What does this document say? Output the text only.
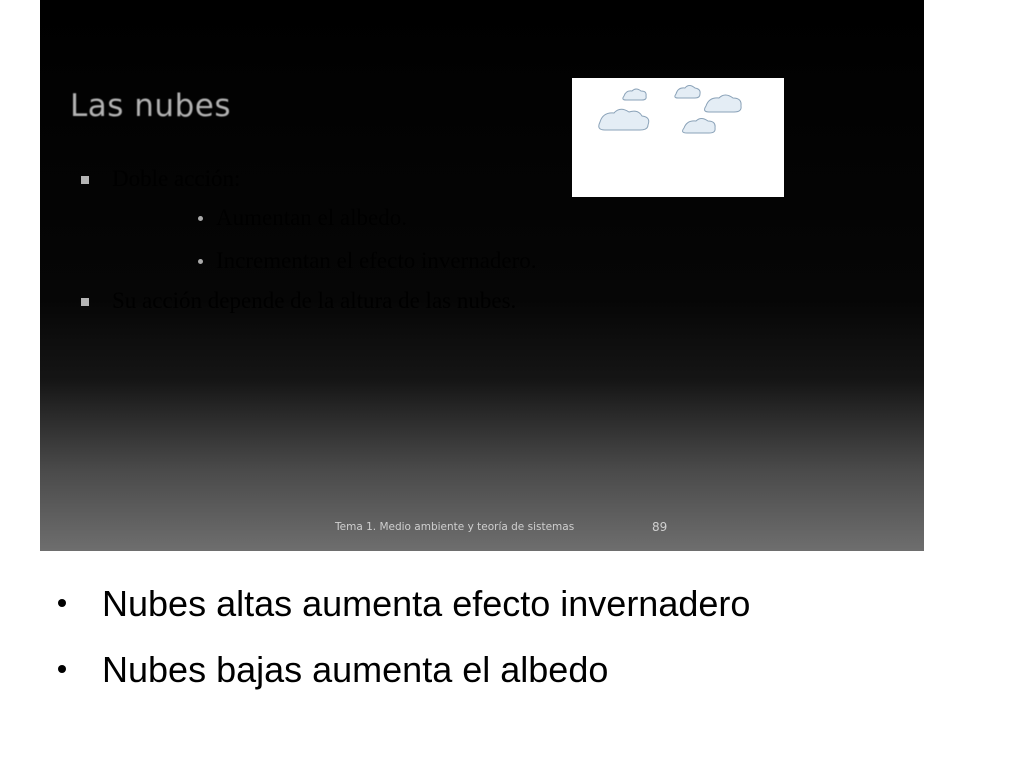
Las nubes
Doble acción:
Aumentan el albedo.
Incrementan el efecto invernadero.
Su acción depende de la altura de las nubes.
Tema 1. Medio ambiente y teoría de sistemas	89
Nubes altas aumenta efecto invernadero
Nubes bajas aumenta el albedo
